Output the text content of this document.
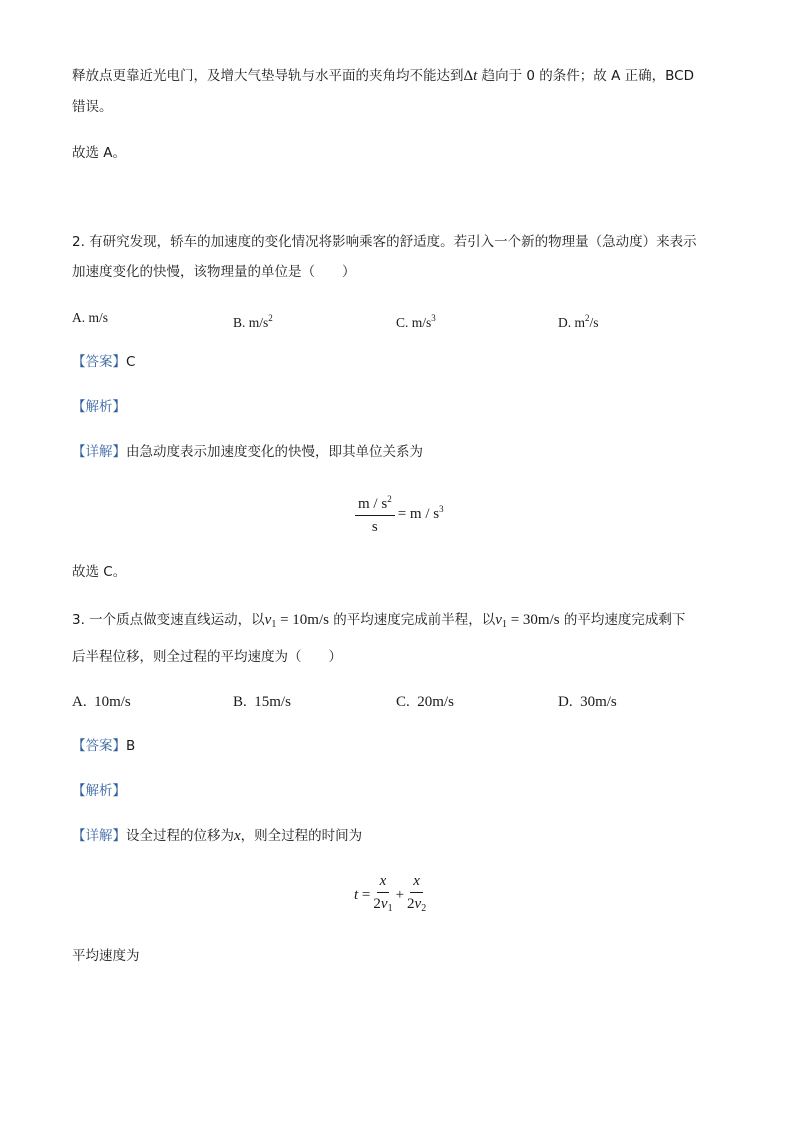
释放点更靠近光电门，及增大气垫导轨与水平面的夹角均不能达到Δt 趋向于 0 的条件；故 A 正确，BCD
错误。
故选 A。
2. 有研究发现，轿车的加速度的变化情况将影响乘客的舒适度。若引入一个新的物理量（急动度）来表示
加速度变化的快慢，该物理量的单位是（　　）
A. m/s	B. $m/s^2$	C. $m/s^3$	D. $m^2/s$
【答案】C
【解析】
【详解】由急动度表示加速度变化的快慢，即其单位关系为
$\frac{m / s^2}{s} = m / s^3$
故选 C。
3. 一个质点做变速直线运动，以$v_1 = 10m/s$ 的平均速度完成前半程，以$v_1 = 30m/s$ 的平均速度完成剩下
后半程位移，则全过程的平均速度为（　　）
A. 10m/s	B. 15m/s	C. 20m/s	D. 30m/s
【答案】B
【解析】
【详解】设全过程的位移为x，则全过程的时间为
t
= $\frac{x}{2v_1} + \frac{x}{2v_2}$
平均速度为
